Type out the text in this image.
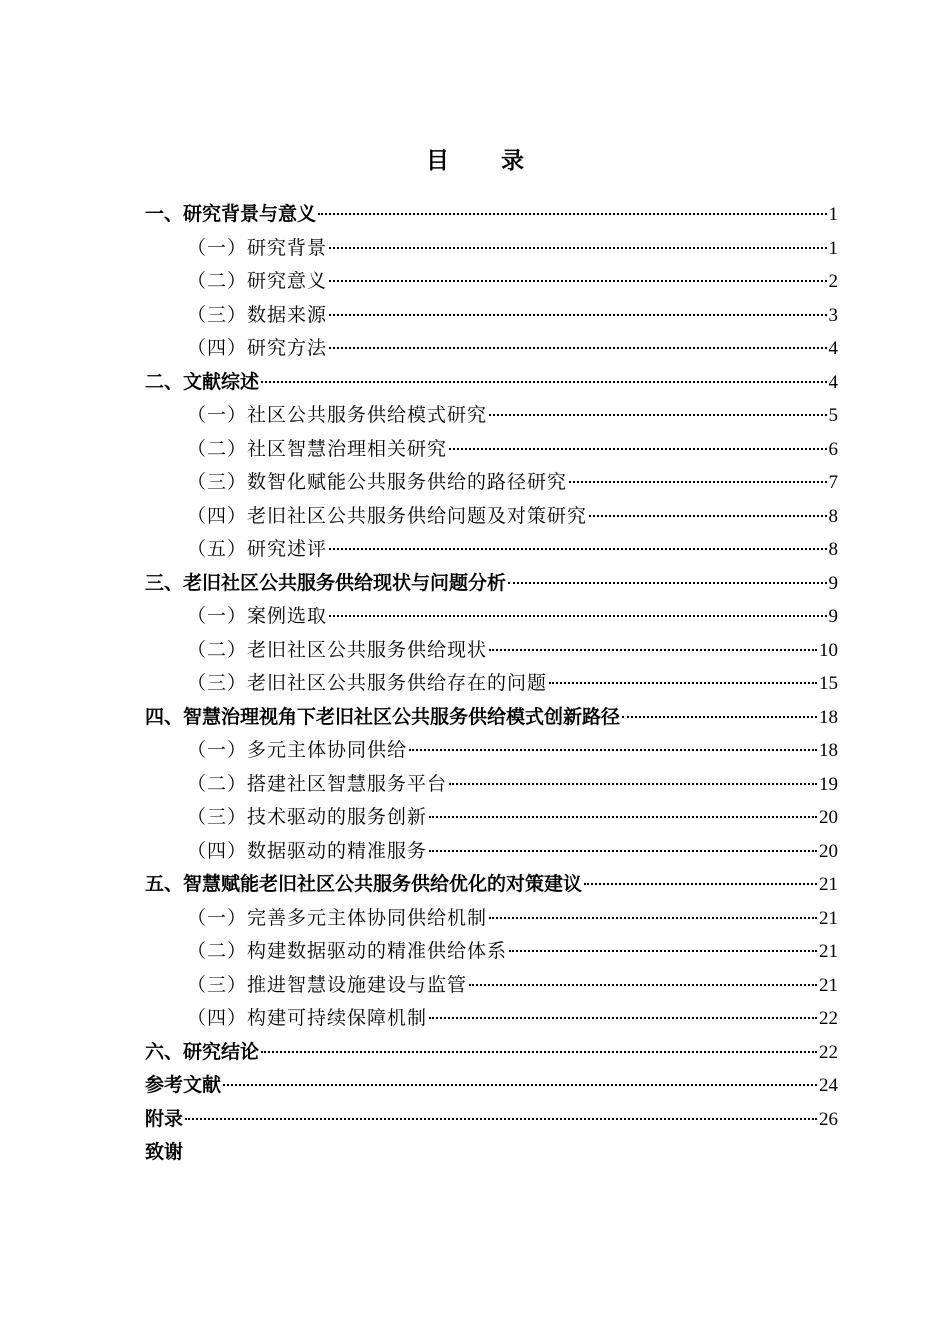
目 录
一、研究背景与意义	1
（一）研究背景	1
（二）研究意义	2
（三）数据来源	3
（四）研究方法	4
二、文献综述	4
（一）社区公共服务供给模式研究	5
（二）社区智慧治理相关研究	6
（三）数智化赋能公共服务供给的路径研究	7
（四）老旧社区公共服务供给问题及对策研究	8
（五）研究述评	8
三、老旧社区公共服务供给现状与问题分析	9
（一）案例选取	9
（二）老旧社区公共服务供给现状	10
（三）老旧社区公共服务供给存在的问题	15
四、智慧治理视角下老旧社区公共服务供给模式创新路径	18
（一）多元主体协同供给	18
（二）搭建社区智慧服务平台	19
（三）技术驱动的服务创新	20
（四）数据驱动的精准服务	20
五、智慧赋能老旧社区公共服务供给优化的对策建议	21
（一）完善多元主体协同供给机制	21
（二）构建数据驱动的精准供给体系	21
（三）推进智慧设施建设与监管	21
（四）构建可持续保障机制	22
六、研究结论	22
参考文献	24
附录	26
致谢
